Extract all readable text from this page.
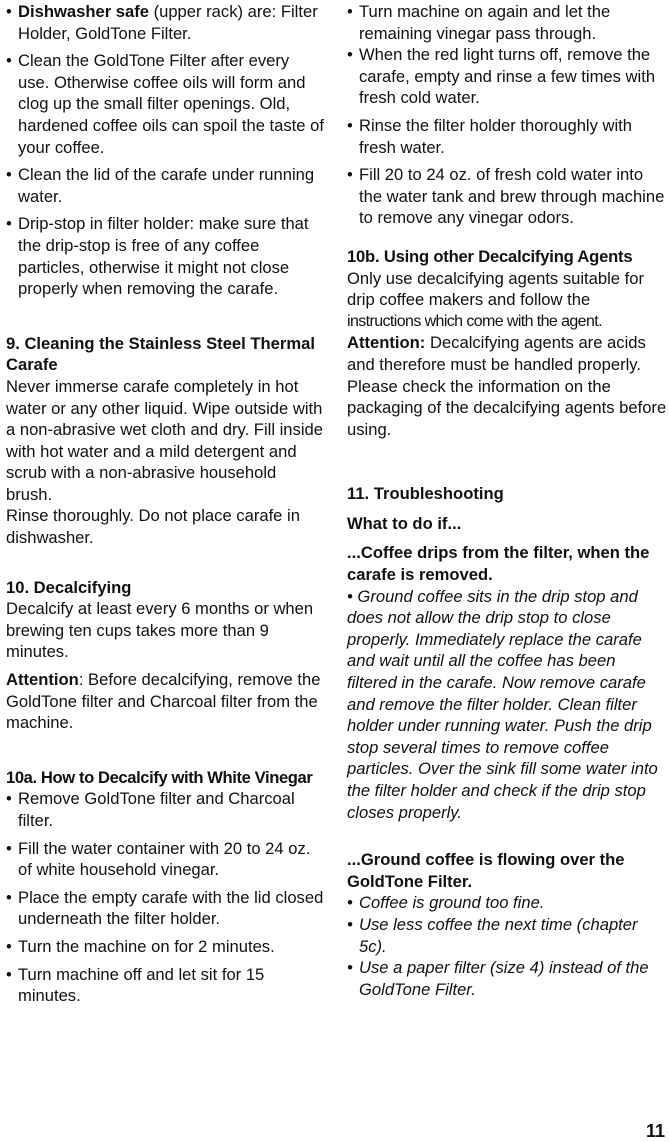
• Dishwasher safe (upper rack) are: Filter Holder, GoldTone Filter.
• Clean the GoldTone Filter after every use. Otherwise coffee oils will form and clog up the small filter openings. Old, hardened coffee oils can spoil the taste of your coffee.
• Clean the lid of the carafe under running water.
• Drip-stop in filter holder: make sure that the drip-stop is free of any coffee particles, otherwise it might not close properly when removing the carafe.

9. Cleaning the Stainless Steel Thermal Carafe

Never immerse carafe completely in hot water or any other liquid. Wipe outside with a non-abrasive wet cloth and dry. Fill inside with hot water and a mild detergent and scrub with a non-abrasive household brush.

Rinse thoroughly. Do not place carafe in dishwasher.

10. Decalcifying

Decalcify at least every 6 months or when brewing ten cups takes more than 9 minutes.

Attention: Before decalcifying, remove the GoldTone filter and Charcoal filter from the machine.

10a. How to Decalcify with White Vinegar

• Remove GoldTone filter and Charcoal filter.
• Fill the water container with 20 to 24 oz. of white household vinegar.
• Place the empty carafe with the lid closed underneath the filter holder.
• Turn the machine on for 2 minutes.
• Turn machine off and let sit for 15 minutes.
• Turn machine on again and let the remaining vinegar pass through.
• When the red light turns off, remove the carafe, empty and rinse a few times with fresh cold water.
• Rinse the filter holder thoroughly with fresh water.
• Fill 20 to 24 oz. of fresh cold water into the water tank and brew through machine to remove any vinegar odors.

10b. Using other Decalcifying Agents

Only use decalcifying agents suitable for drip coffee makers and follow the

instructions which come with the agent.

Attention: Decalcifying agents are acids and therefore must be handled properly. Please check the information on the packaging of the decalcifying agents before using.

11. Troubleshooting

What to do if...

...Coffee drips from the filter, when the carafe is removed.

• Ground coffee sits in the drip stop and does not allow the drip stop to close properly. Immediately replace the carafe and wait until all the coffee has been filtered in the carafe. Now remove carafe and remove the filter holder. Clean filter holder under running water. Push the drip stop several times to remove coffee particles. Over the sink fill some water into the filter holder and check if the drip stop closes properly.

...Ground coffee is flowing over the GoldTone Filter.

• Coffee is ground too fine.
• Use less coffee the next time (chapter 5c).
• Use a paper filter (size 4) instead of the GoldTone Filter.
11
